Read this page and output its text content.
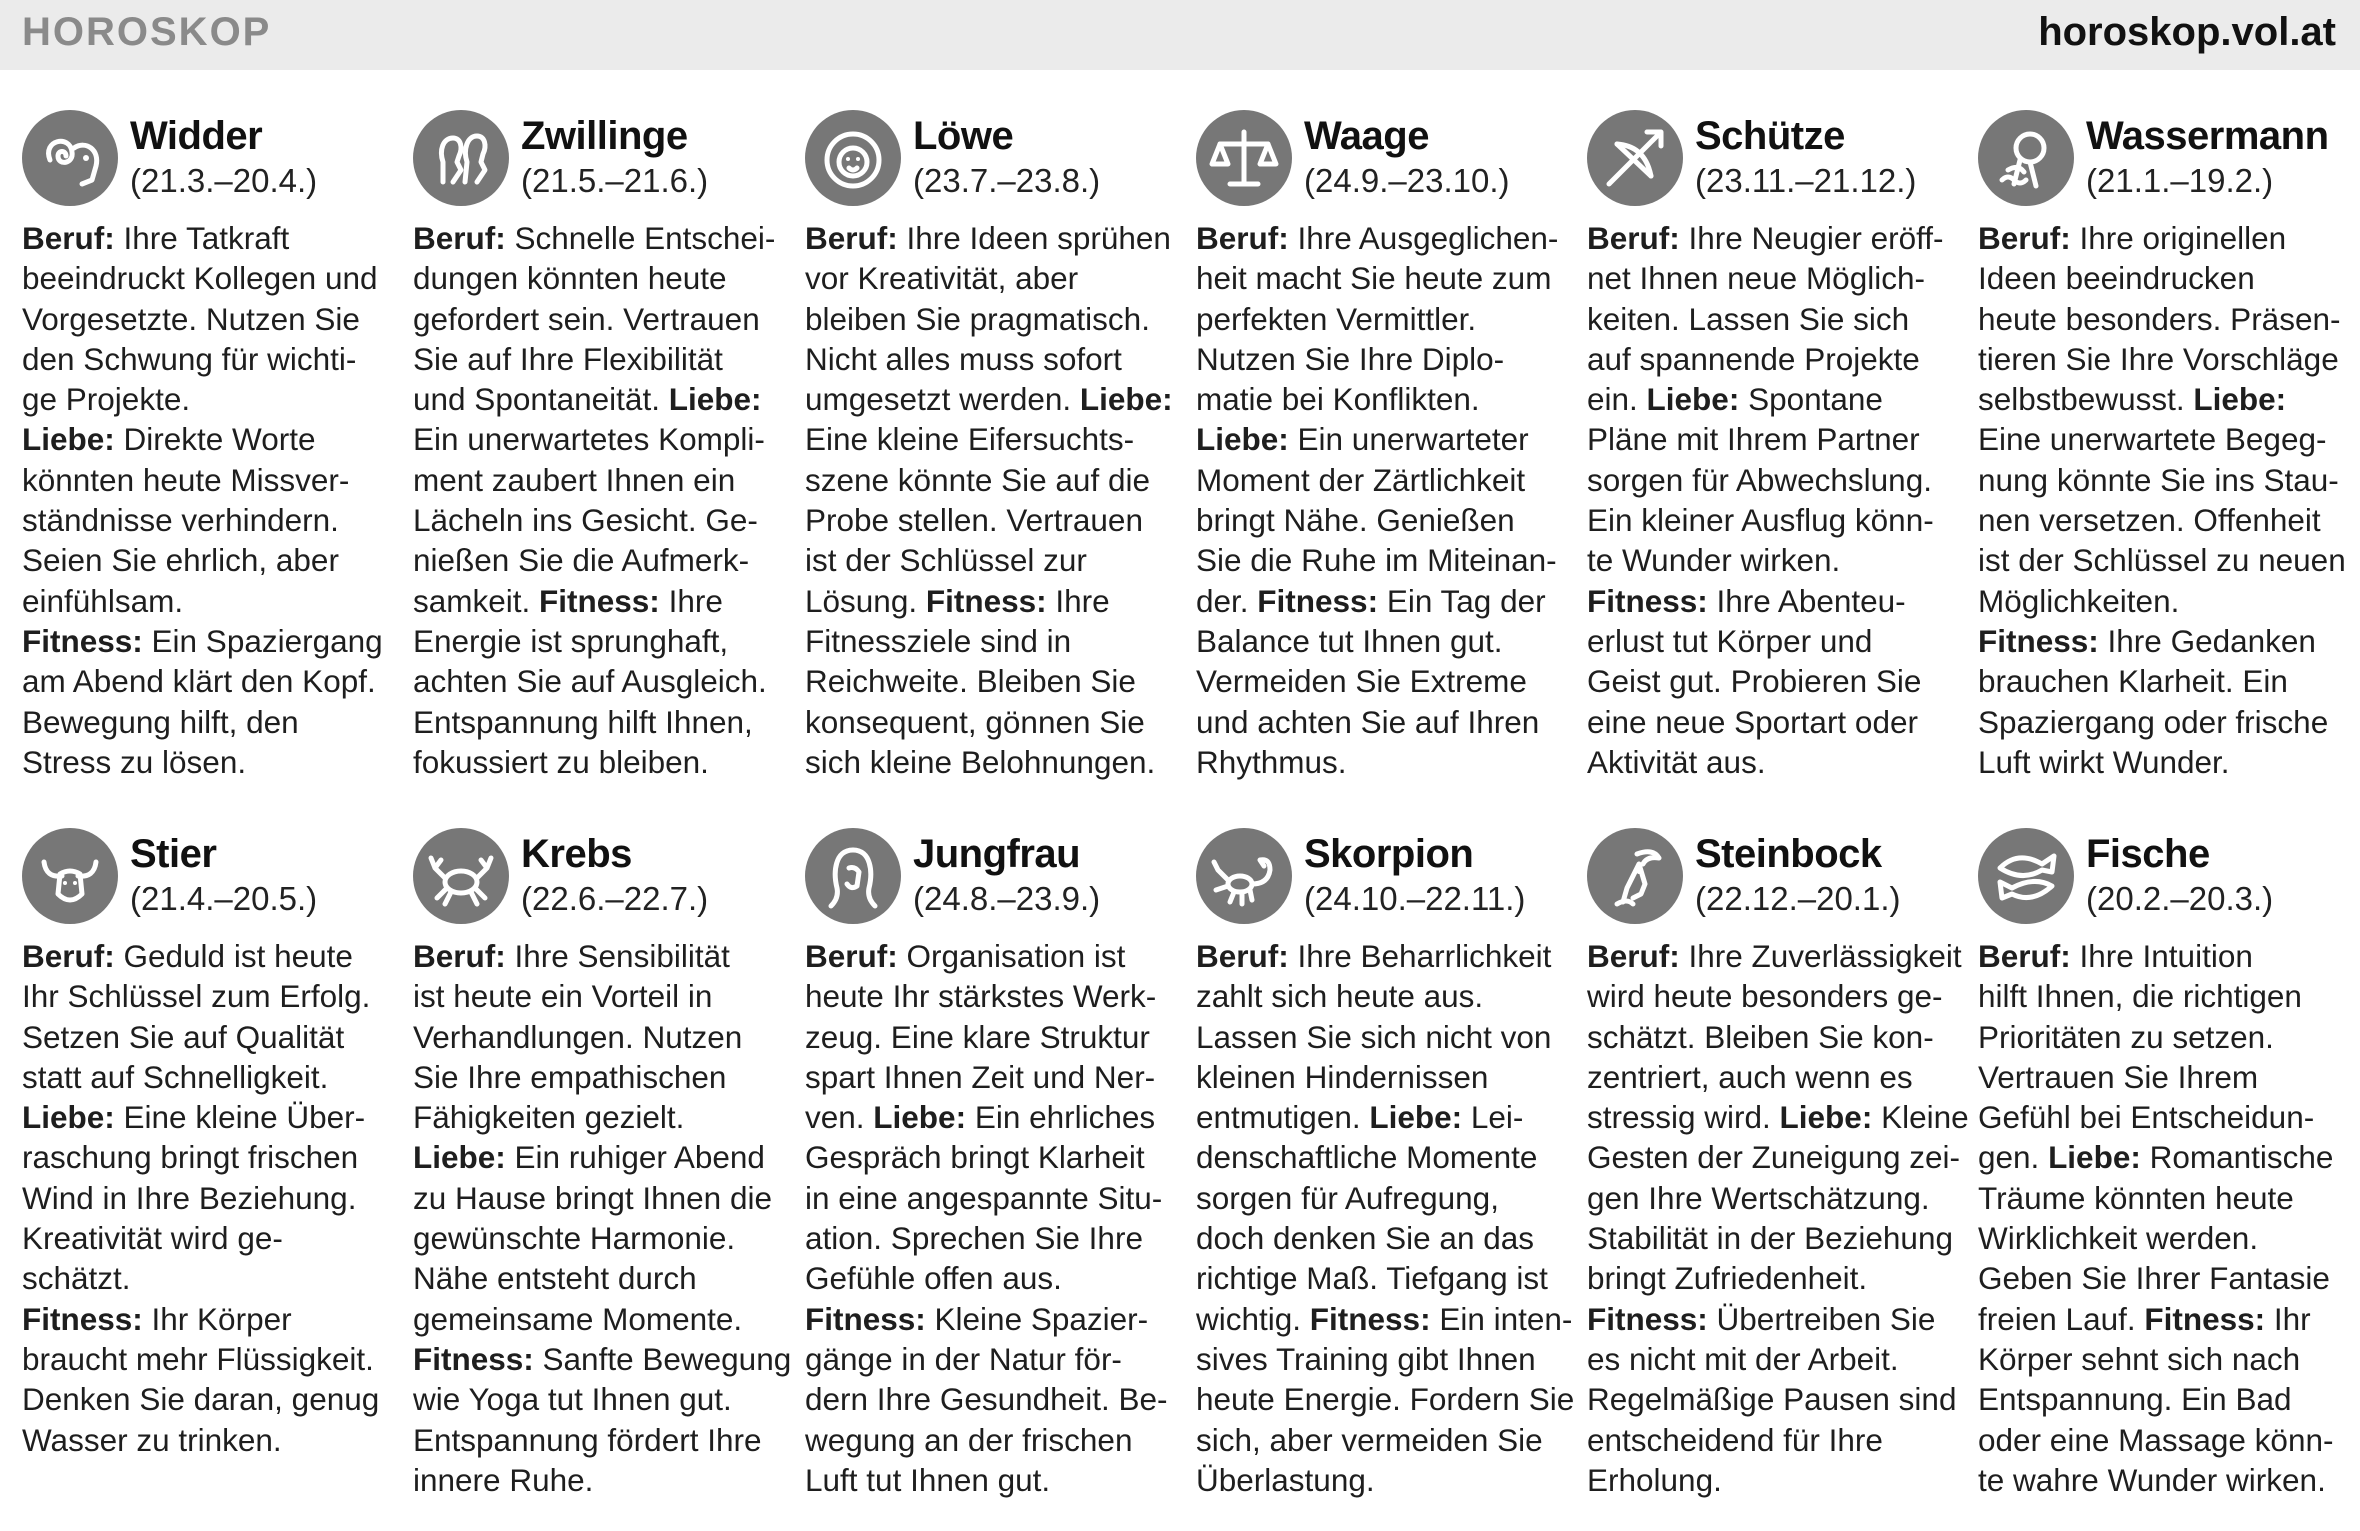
HOROSKOP	horoskop.vol.at
Widder
(21.3.–20.4.)
Beruf: Ihre Tatkraft
beeindruckt Kollegen und
Vorgesetzte. Nutzen Sie
den Schwung für wichti-
ge Projekte.
Liebe: Direkte Worte
könnten heute Missver-
ständnisse verhindern.
Seien Sie ehrlich, aber
einfühlsam.
Fitness: Ein Spaziergang
am Abend klärt den Kopf.
Bewegung hilft, den
Stress zu lösen.
Zwillinge
(21.5.–21.6.)
Beruf: Schnelle Entschei-
dungen könnten heute
gefordert sein. Vertrauen
Sie auf Ihre Flexibilität
und Spontaneität. Liebe:
Ein unerwartetes Kompli-
ment zaubert Ihnen ein
Lächeln ins Gesicht. Ge-
nießen Sie die Aufmerk-
samkeit. Fitness: Ihre
Energie ist sprunghaft,
achten Sie auf Ausgleich.
Entspannung hilft Ihnen,
fokussiert zu bleiben.
Löwe
(23.7.–23.8.)
Beruf: Ihre Ideen sprühen
vor Kreativität, aber
bleiben Sie pragmatisch.
Nicht alles muss sofort
umgesetzt werden. Liebe:
Eine kleine Eifersuchts-
szene könnte Sie auf die
Probe stellen. Vertrauen
ist der Schlüssel zur
Lösung. Fitness: Ihre
Fitnessziele sind in
Reichweite. Bleiben Sie
konsequent, gönnen Sie
sich kleine Belohnungen.
Waage
(24.9.–23.10.)
Beruf: Ihre Ausgeglichen-
heit macht Sie heute zum
perfekten Vermittler.
Nutzen Sie Ihre Diplo-
matie bei Konflikten.
Liebe: Ein unerwarteter
Moment der Zärtlichkeit
bringt Nähe. Genießen
Sie die Ruhe im Miteinan-
der. Fitness: Ein Tag der
Balance tut Ihnen gut.
Vermeiden Sie Extreme
und achten Sie auf Ihren
Rhythmus.
Schütze
(23.11.–21.12.)
Beruf: Ihre Neugier eröff-
net Ihnen neue Möglich-
keiten. Lassen Sie sich
auf spannende Projekte
ein. Liebe: Spontane
Pläne mit Ihrem Partner
sorgen für Abwechslung.
Ein kleiner Ausflug könn-
te Wunder wirken.
Fitness: Ihre Abenteu-
erlust tut Körper und
Geist gut. Probieren Sie
eine neue Sportart oder
Aktivität aus.
Wassermann
(21.1.–19.2.)
Beruf: Ihre originellen
Ideen beeindrucken
heute besonders. Präsen-
tieren Sie Ihre Vorschläge
selbstbewusst. Liebe:
Eine unerwartete Begeg-
nung könnte Sie ins Stau-
nen versetzen. Offenheit
ist der Schlüssel zu neuen
Möglichkeiten.
Fitness: Ihre Gedanken
brauchen Klarheit. Ein
Spaziergang oder frische
Luft wirkt Wunder.
Stier
(21.4.–20.5.)
Beruf: Geduld ist heute
Ihr Schlüssel zum Erfolg.
Setzen Sie auf Qualität
statt auf Schnelligkeit.
Liebe: Eine kleine Über-
raschung bringt frischen
Wind in Ihre Beziehung.
Kreativität wird ge-
schätzt.
Fitness: Ihr Körper
braucht mehr Flüssigkeit.
Denken Sie daran, genug
Wasser zu trinken.
Krebs
(22.6.–22.7.)
Beruf: Ihre Sensibilität
ist heute ein Vorteil in
Verhandlungen. Nutzen
Sie Ihre empathischen
Fähigkeiten gezielt.
Liebe: Ein ruhiger Abend
zu Hause bringt Ihnen die
gewünschte Harmonie.
Nähe entsteht durch
gemeinsame Momente.
Fitness: Sanfte Bewegung
wie Yoga tut Ihnen gut.
Entspannung fördert Ihre
innere Ruhe.
Jungfrau
(24.8.–23.9.)
Beruf: Organisation ist
heute Ihr stärkstes Werk-
zeug. Eine klare Struktur
spart Ihnen Zeit und Ner-
ven. Liebe: Ein ehrliches
Gespräch bringt Klarheit
in eine angespannte Situ-
ation. Sprechen Sie Ihre
Gefühle offen aus.
Fitness: Kleine Spazier-
gänge in der Natur för-
dern Ihre Gesundheit. Be-
wegung an der frischen
Luft tut Ihnen gut.
Skorpion
(24.10.–22.11.)
Beruf: Ihre Beharrlichkeit
zahlt sich heute aus.
Lassen Sie sich nicht von
kleinen Hindernissen
entmutigen. Liebe: Lei-
denschaftliche Momente
sorgen für Aufregung,
doch denken Sie an das
richtige Maß. Tiefgang ist
wichtig. Fitness: Ein inten-
sives Training gibt Ihnen
heute Energie. Fordern Sie
sich, aber vermeiden Sie
Überlastung.
Steinbock
(22.12.–20.1.)
Beruf: Ihre Zuverlässigkeit
wird heute besonders ge-
schätzt. Bleiben Sie kon-
zentriert, auch wenn es
stressig wird. Liebe: Kleine
Gesten der Zuneigung zei-
gen Ihre Wertschätzung.
Stabilität in der Beziehung
bringt Zufriedenheit.
Fitness: Übertreiben Sie
es nicht mit der Arbeit.
Regelmäßige Pausen sind
entscheidend für Ihre
Erholung.
Fische
(20.2.–20.3.)
Beruf: Ihre Intuition
hilft Ihnen, die richtigen
Prioritäten zu setzen.
Vertrauen Sie Ihrem
Gefühl bei Entscheidun-
gen. Liebe: Romantische
Träume könnten heute
Wirklichkeit werden.
Geben Sie Ihrer Fantasie
freien Lauf. Fitness: Ihr
Körper sehnt sich nach
Entspannung. Ein Bad
oder eine Massage könn-
te wahre Wunder wirken.
